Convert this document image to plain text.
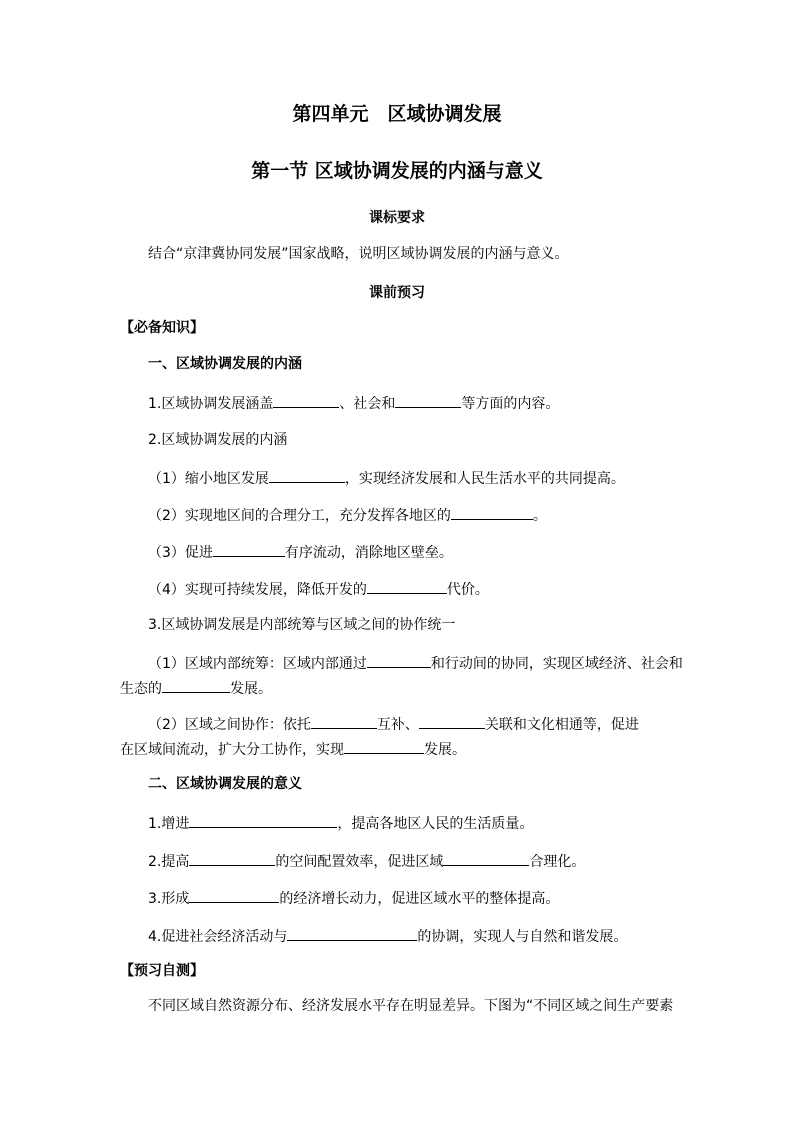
第四单元　区域协调发展
第一节 区域协调发展的内涵与意义
课标要求
结合“京津冀协同发展”国家战略，说明区域协调发展的内涵与意义。
课前预习
【必备知识】
一、区域协调发展的内涵
1.区域协调发展涵盖	、社会和	等方面的内容。
2.区域协调发展的内涵
（1）缩小地区发展	，实现经济发展和人民生活水平的共同提高。
（2）实现地区间的合理分工，充分发挥各地区的	。
（3）促进	有序流动，消除地区壁垒。
（4）实现可持续发展，降低开发的	代价。
3.区域协调发展是内部统筹与区域之间的协作统一
（1）区域内部统筹：区域内部通过	和行动间的协同，实现区域经济、社会和
生态的	发展。
（2）区域之间协作：依托	互补、	关联和文化相通等，促进
在区域间流动，扩大分工协作，实现	发展。
二、区域协调发展的意义
1.增进	，提高各地区人民的生活质量。
2.提高	的空间配置效率，促进区域	合理化。
3.形成	的经济增长动力，促进区域水平的整体提高。
4.促进社会经济活动与	的协调，实现人与自然和谐发展。
【预习自测】
不同区域自然资源分布、经济发展水平存在明显差异。下图为“不同区域之间生产要素
